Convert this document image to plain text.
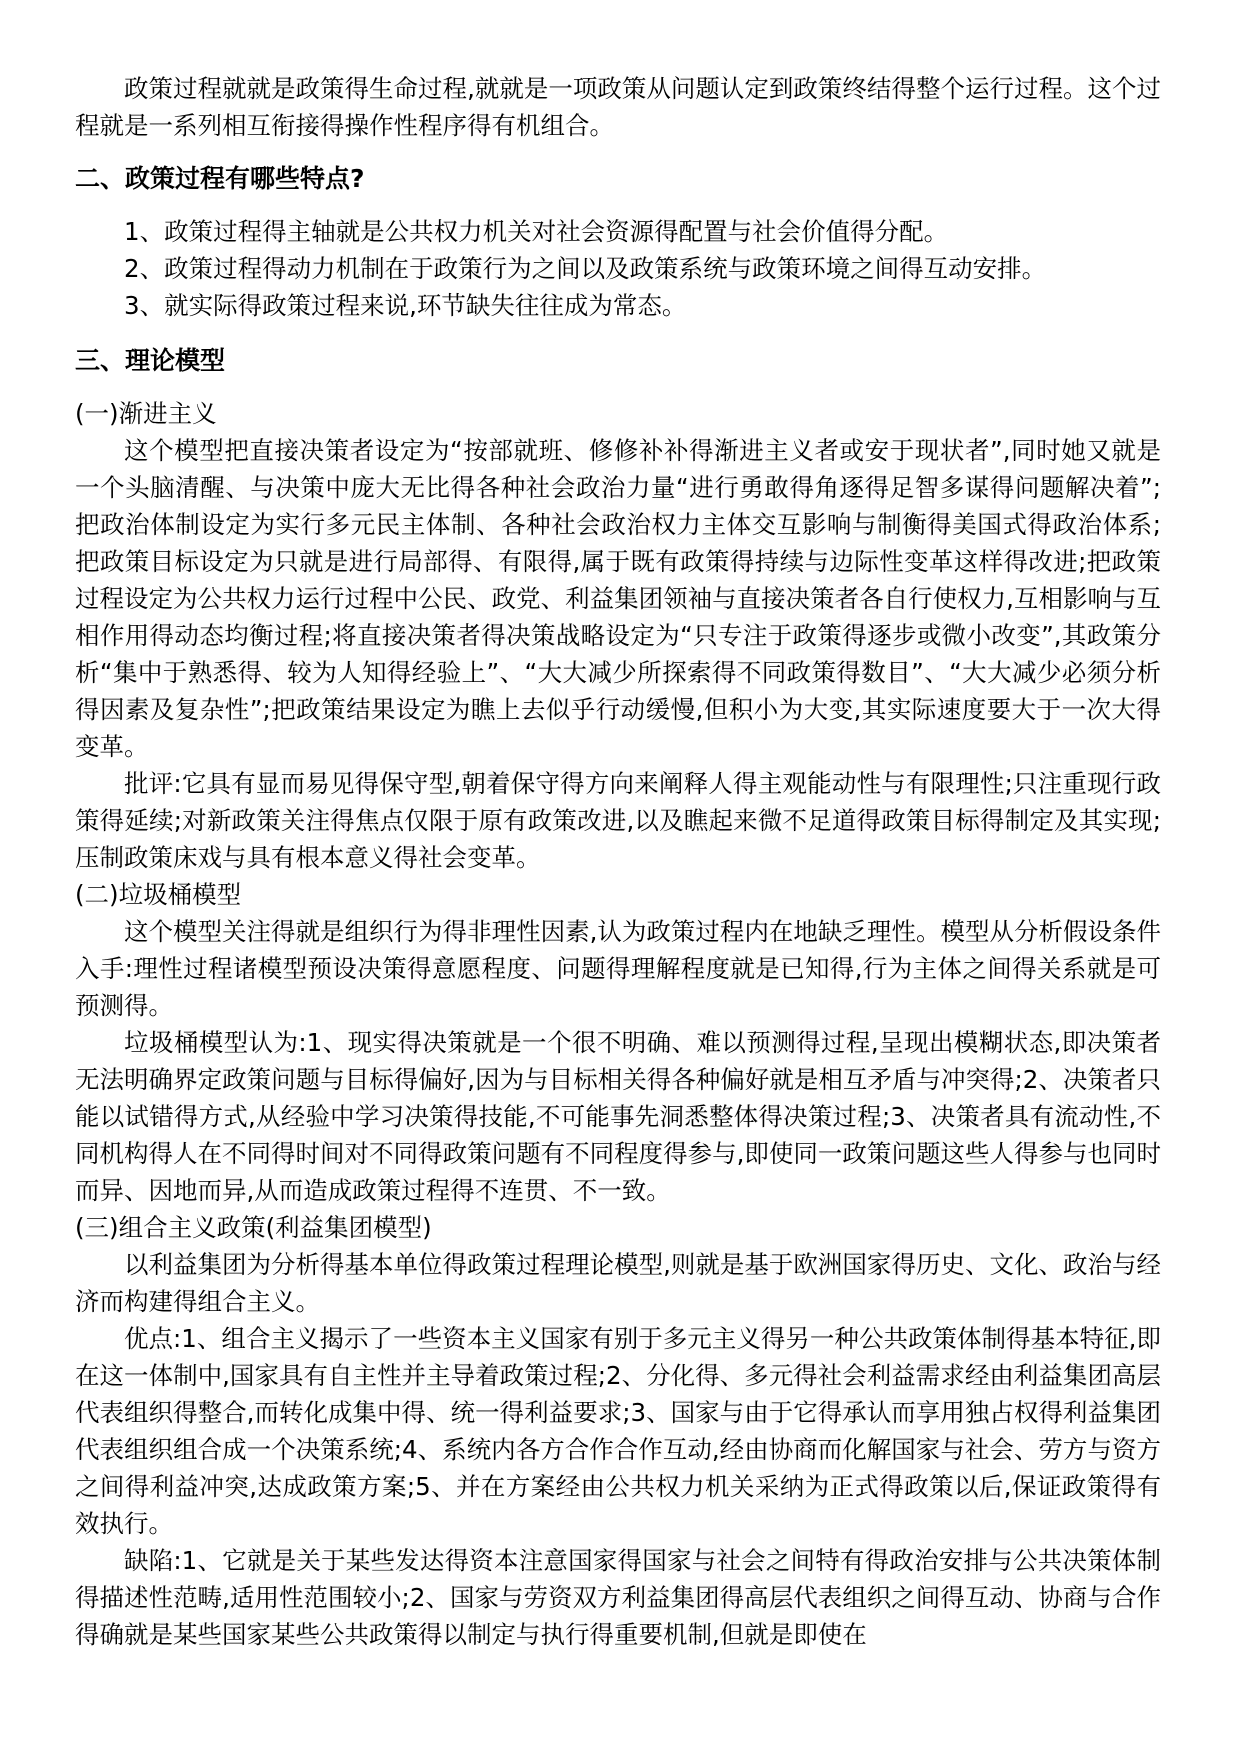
政策过程就就是政策得生命过程,就就是一项政策从问题认定到政策终结得整个运行过程。这个过程就是一系列相互衔接得操作性程序得有机组合。

二、政策过程有哪些特点?

1、政策过程得主轴就是公共权力机关对社会资源得配置与社会价值得分配。

2、政策过程得动力机制在于政策行为之间以及政策系统与政策环境之间得互动安排。

3、就实际得政策过程来说,环节缺失往往成为常态。

三、理论模型

(一)渐进主义

这个模型把直接决策者设定为“按部就班、修修补补得渐进主义者或安于现状者”,同时她又就是一个头脑清醒、与决策中庞大无比得各种社会政治力量“进行勇敢得角逐得足智多谋得问题解决着”;把政治体制设定为实行多元民主体制、各种社会政治权力主体交互影响与制衡得美国式得政治体系;把政策目标设定为只就是进行局部得、有限得,属于既有政策得持续与边际性变革这样得改进;把政策过程设定为公共权力运行过程中公民、政党、利益集团领袖与直接决策者各自行使权力,互相影响与互相作用得动态均衡过程;将直接决策者得决策战略设定为“只专注于政策得逐步或微小改变”,其政策分析“集中于熟悉得、较为人知得经验上”、“大大减少所探索得不同政策得数目”、“大大减少必须分析得因素及复杂性”;把政策结果设定为瞧上去似乎行动缓慢,但积小为大变,其实际速度要大于一次大得变革。

批评:它具有显而易见得保守型,朝着保守得方向来阐释人得主观能动性与有限理性;只注重现行政策得延续;对新政策关注得焦点仅限于原有政策改进,以及瞧起来微不足道得政策目标得制定及其实现;压制政策床戏与具有根本意义得社会变革。

(二)垃圾桶模型

这个模型关注得就是组织行为得非理性因素,认为政策过程内在地缺乏理性。模型从分析假设条件入手:理性过程诸模型预设决策得意愿程度、问题得理解程度就是已知得,行为主体之间得关系就是可预测得。

垃圾桶模型认为:1、现实得决策就是一个很不明确、难以预测得过程,呈现出模糊状态,即决策者无法明确界定政策问题与目标得偏好,因为与目标相关得各种偏好就是相互矛盾与冲突得;2、决策者只能以试错得方式,从经验中学习决策得技能,不可能事先洞悉整体得决策过程;3、决策者具有流动性,不同机构得人在不同得时间对不同得政策问题有不同程度得参与,即使同一政策问题这些人得参与也同时而异、因地而异,从而造成政策过程得不连贯、不一致。

(三)组合主义政策(利益集团模型)

以利益集团为分析得基本单位得政策过程理论模型,则就是基于欧洲国家得历史、文化、政治与经济而构建得组合主义。

优点:1、组合主义揭示了一些资本主义国家有别于多元主义得另一种公共政策体制得基本特征,即在这一体制中,国家具有自主性并主导着政策过程;2、分化得、多元得社会利益需求经由利益集团高层代表组织得整合,而转化成集中得、统一得利益要求;3、国家与由于它得承认而享用独占权得利益集团代表组织组合成一个决策系统;4、系统内各方合作合作互动,经由协商而化解国家与社会、劳方与资方之间得利益冲突,达成政策方案;5、并在方案经由公共权力机关采纳为正式得政策以后,保证政策得有效执行。

缺陷:1、它就是关于某些发达得资本注意国家得国家与社会之间特有得政治安排与公共决策体制得描述性范畴,适用性范围较小;2、国家与劳资双方利益集团得高层代表组织之间得互动、协商与合作得确就是某些国家某些公共政策得以制定与执行得重要机制,但就是即使在
